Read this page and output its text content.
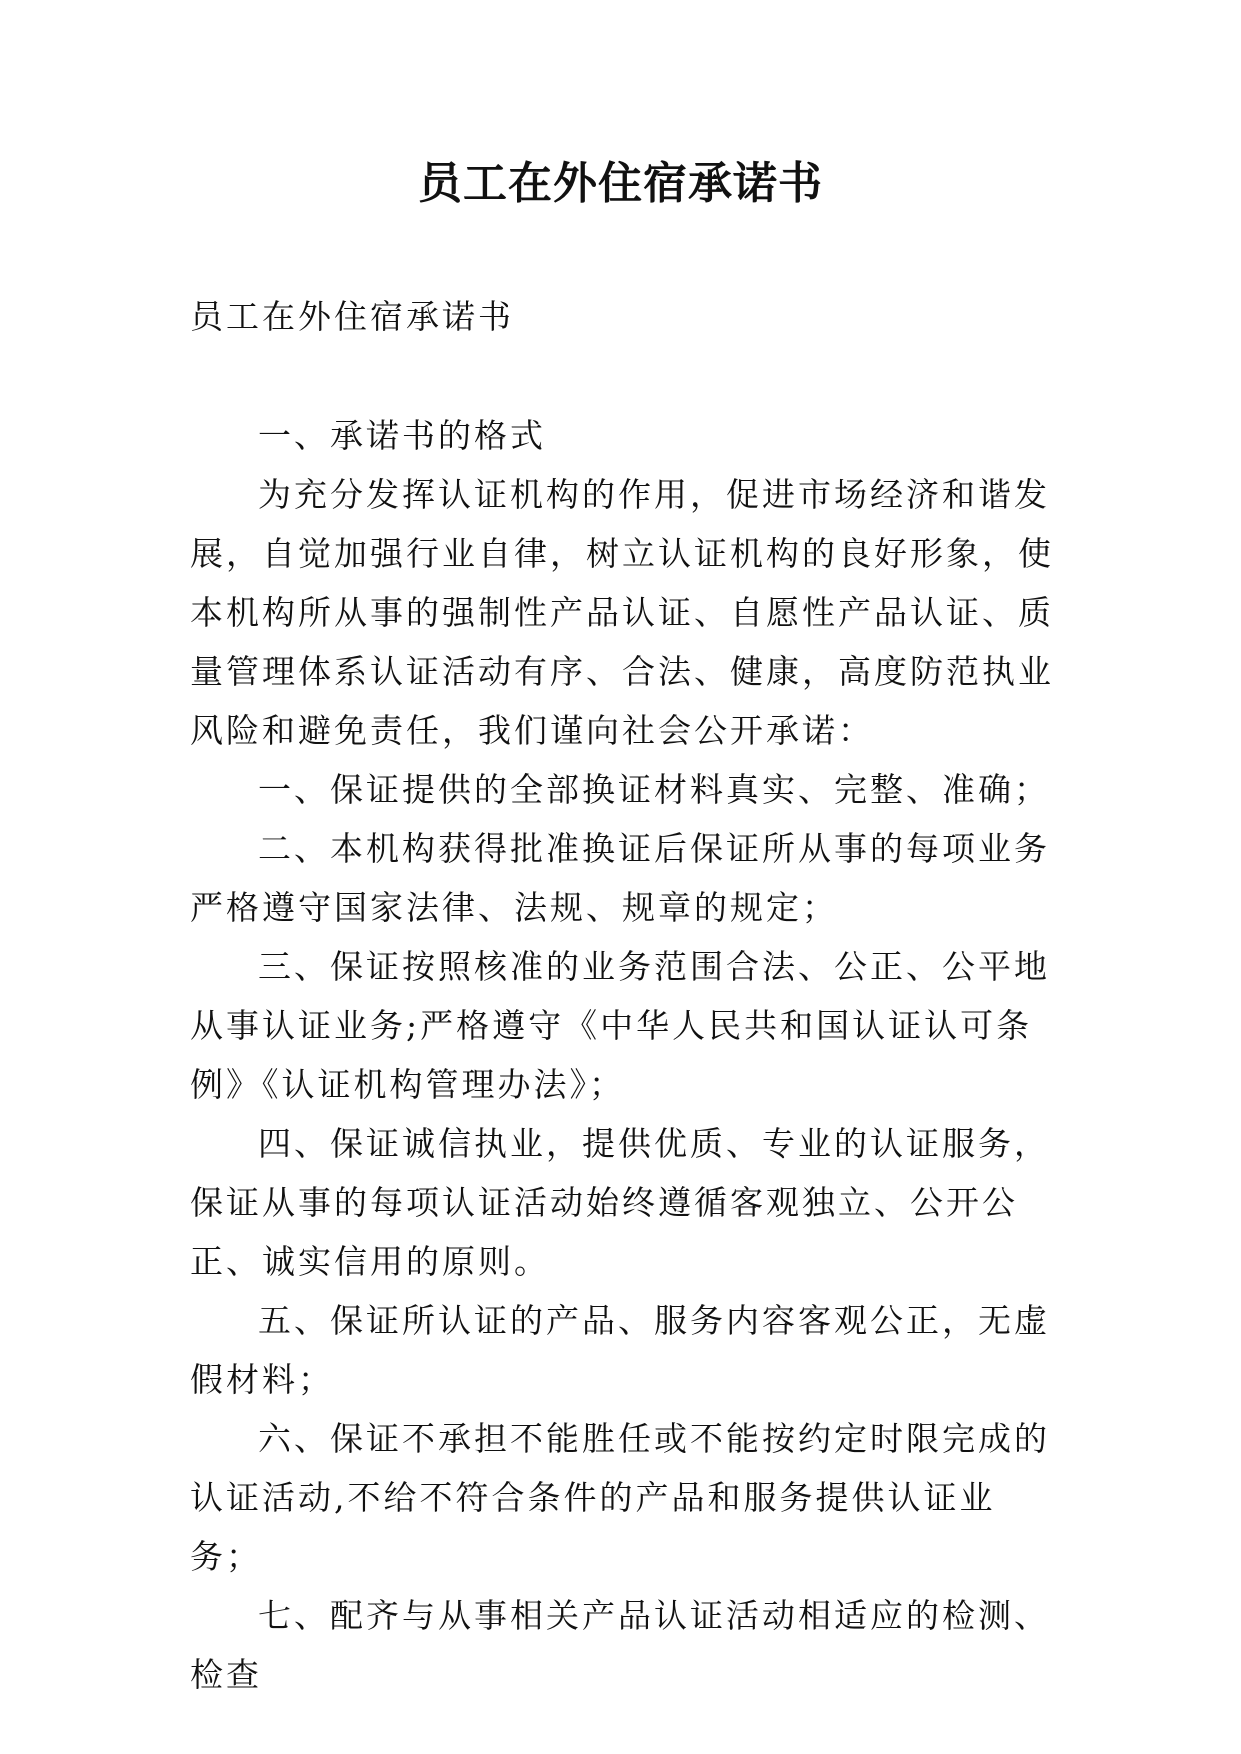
员工在外住宿承诺书

员工在外住宿承诺书

一、承诺书的格式

为充分发挥认证机构的作用，促进市场经济和谐发展，自觉加强行业自律，树立认证机构的良好形象，使本机构所从事的强制性产品认证、自愿性产品认证、质量管理体系认证活动有序、合法、健康，高度防范执业风险和避免责任，我们谨向社会公开承诺：

一、保证提供的全部换证材料真实、完整、准确；

二、本机构获得批准换证后保证所从事的每项业务严格遵守国家法律、法规、规章的规定；

三、保证按照核准的业务范围合法、公正、公平地从事认证业务;严格遵守《中华人民共和国认证认可条例》《认证机构管理办法》；

四、保证诚信执业，提供优质、专业的认证服务，保证从事的每项认证活动始终遵循客观独立、公开公正、诚实信用的原则。

五、保证所认证的产品、服务内容客观公正，无虚假材料；

六、保证不承担不能胜任或不能按约定时限完成的认证活动,不给不符合条件的产品和服务提供认证业务；

七、配齐与从事相关产品认证活动相适应的检测、检查
